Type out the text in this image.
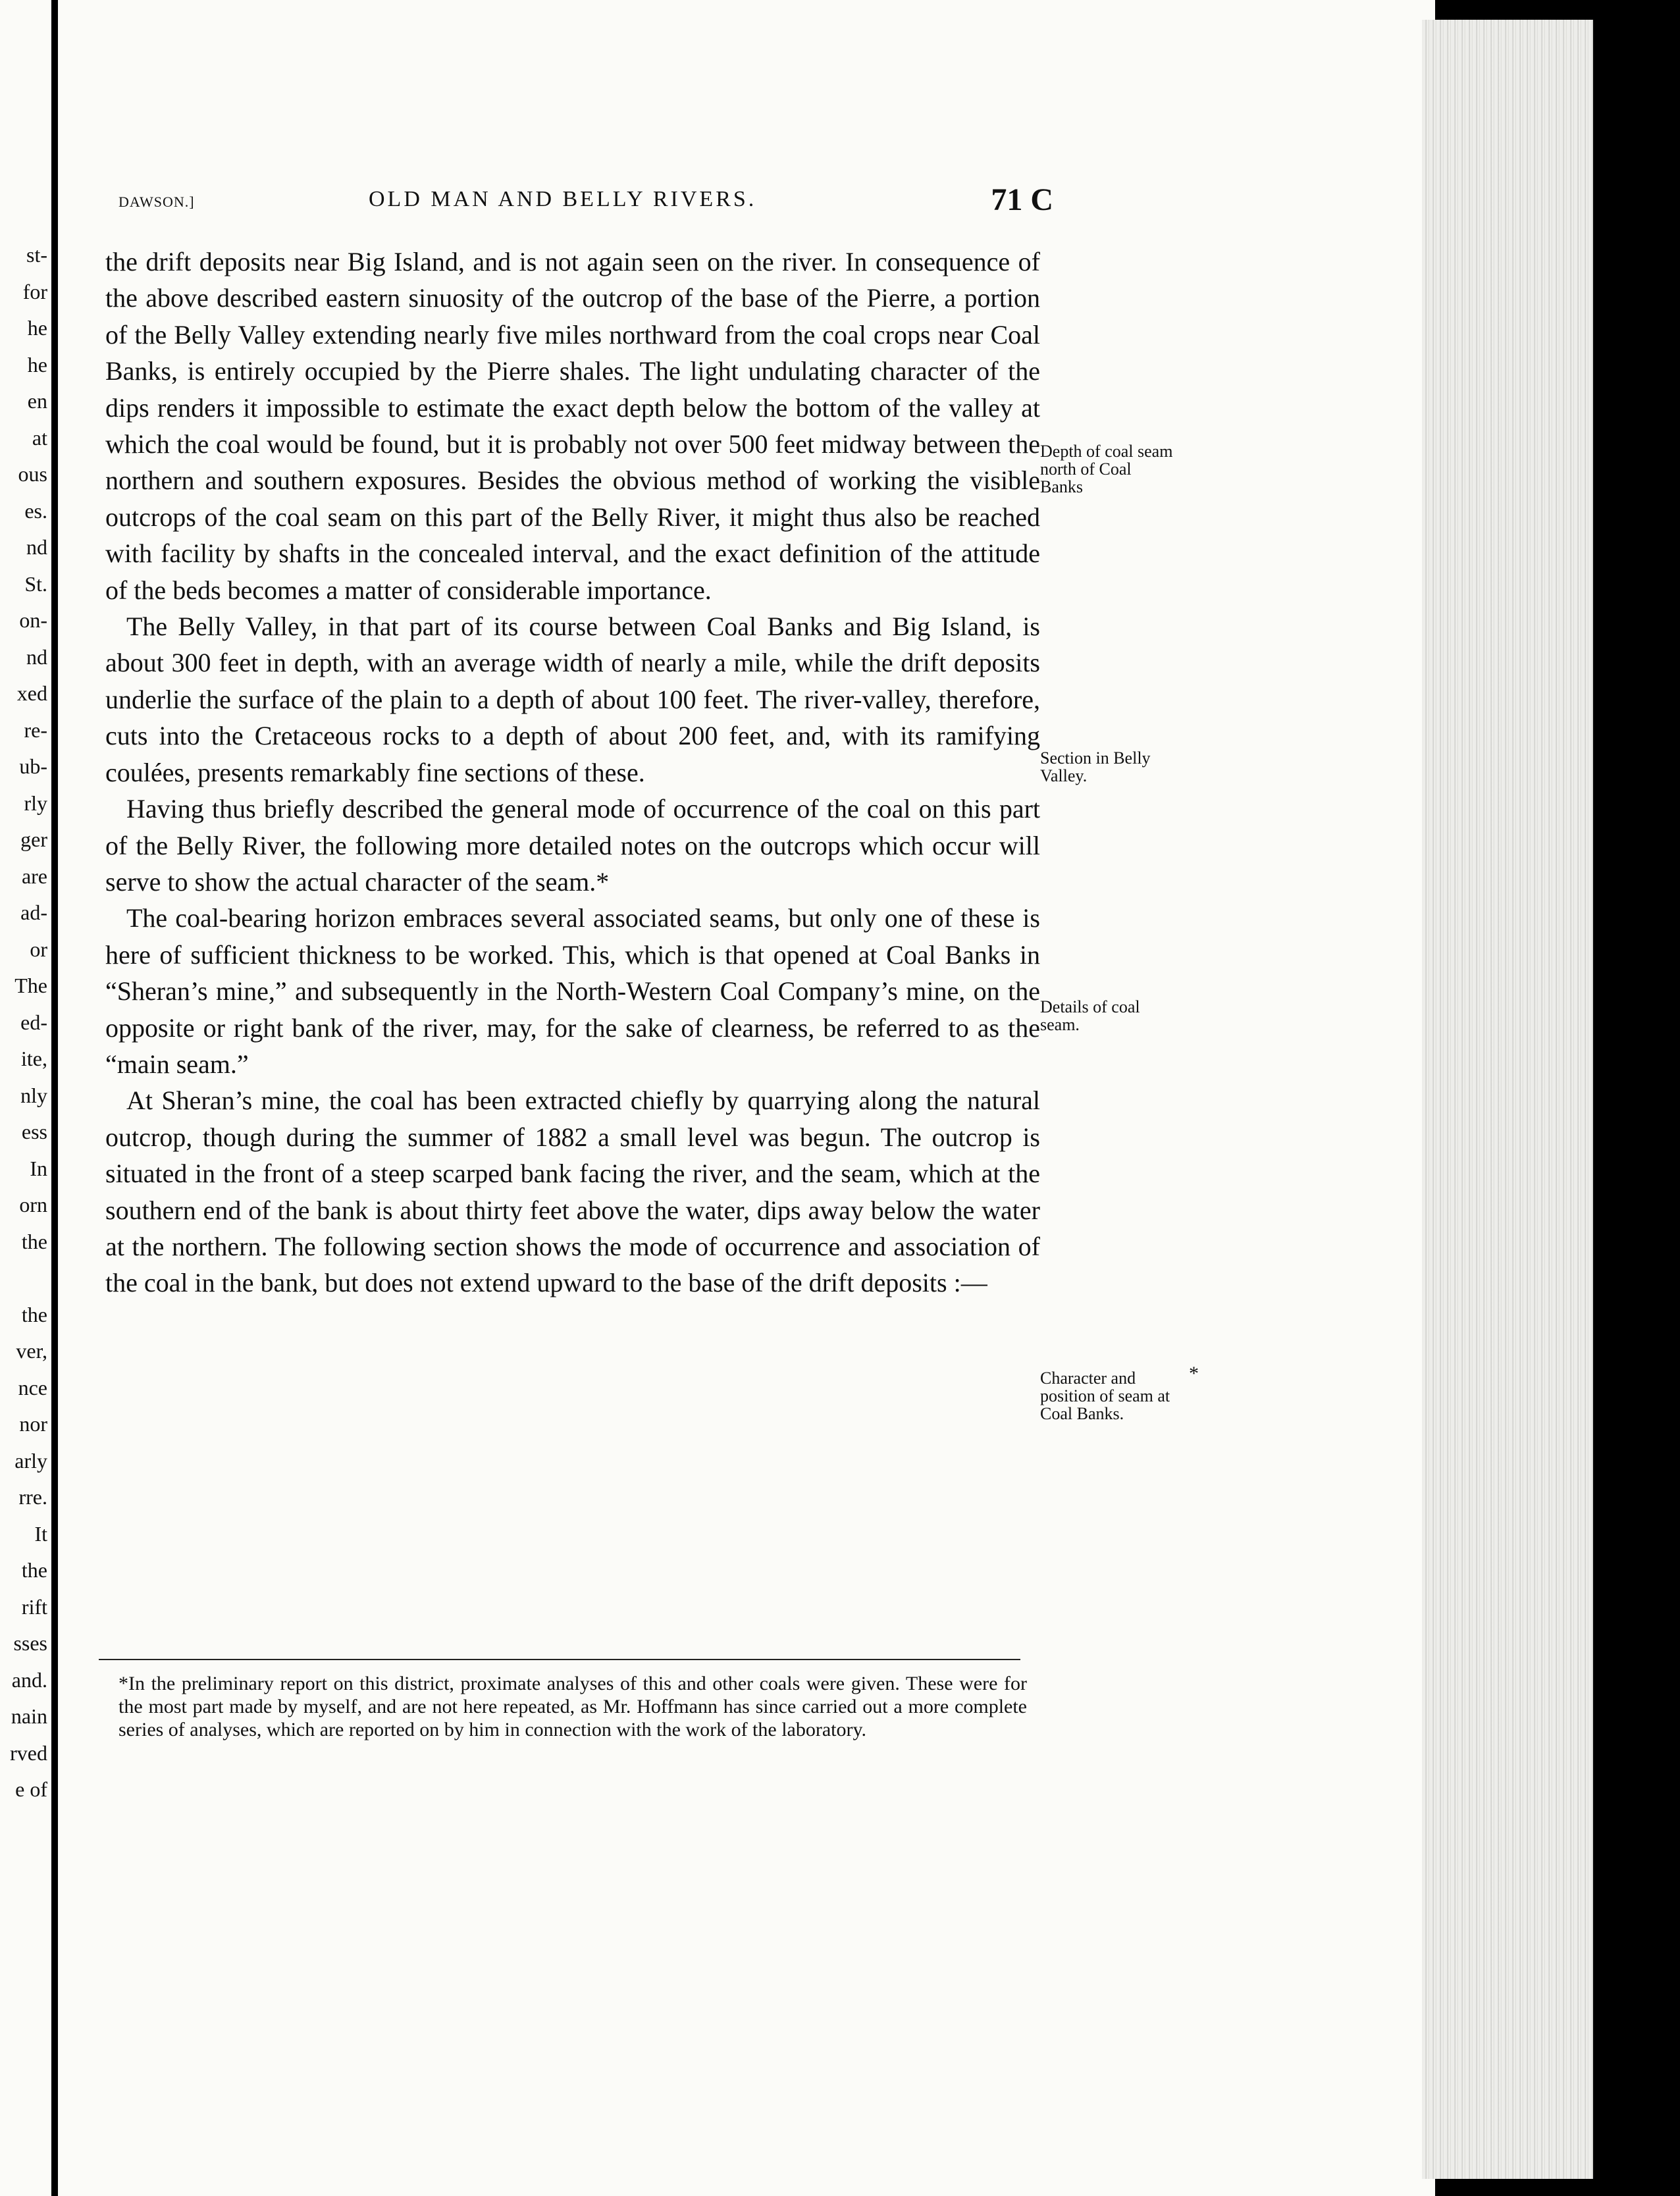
st-
for
he
he
en
at
ous
es.
nd
St.
on-
nd
xed
re-
ub-
rly
ger
are
ad-
or
The
ed-
ite,
nly
ess
In
orn
the
the
ver,
nce
nor
arly
rre.
It
the
rift
sses
and.
nain
rved
e of
DAWSON.]	OLD MAN AND BELLY RIVERS.	71 C

the drift deposits near Big Island, and is not again seen on the river. In consequence of the above described eastern sinuosity of the outcrop of the base of the Pierre, a portion of the Belly Valley extending nearly five miles northward from the coal crops near Coal Banks, is entirely occupied by the Pierre shales. The light undulating character of the dips renders it impossible to estimate the exact depth below the bottom of the valley at which the coal would be found, but it is probably not over 500 feet midway between the northern and southern exposures. Besides the obvious method of working the visible outcrops of the coal seam on this part of the Belly River, it might thus also be reached with facility by shafts in the concealed interval, and the exact definition of the attitude of the beds becomes a matter of considerable importance.

The Belly Valley, in that part of its course between Coal Banks and Big Island, is about 300 feet in depth, with an average width of nearly a mile, while the drift deposits underlie the surface of the plain to a depth of about 100 feet. The river-valley, therefore, cuts into the Cretaceous rocks to a depth of about 200 feet, and, with its ramifying coulées, presents remarkably fine sections of these.

Having thus briefly described the general mode of occurrence of the coal on this part of the Belly River, the following more detailed notes on the outcrops which occur will serve to show the actual character of the seam.*

The coal-bearing horizon embraces several associated seams, but only one of these is here of sufficient thickness to be worked. This, which is that opened at Coal Banks in “Sheran’s mine,” and subsequently in the North-Western Coal Company’s mine, on the opposite or right bank of the river, may, for the sake of clearness, be referred to as the “main seam.”

At Sheran’s mine, the coal has been extracted chiefly by quarrying along the natural outcrop, though during the summer of 1882 a small level was begun. The outcrop is situated in the front of a steep scarped bank facing the river, and the seam, which at the southern end of the bank is about thirty feet above the water, dips away below the water at the northern. The following section shows the mode of occurrence and association of the coal in the bank, but does not extend upward to the base of the drift deposits :—

Depth of coal seam north of Coal Banks
Section in Belly Valley.
Details of coal seam.
Character and position of seam at Coal Banks.
*
*In the preliminary report on this district, proximate analyses of this and other coals were given. These were for the most part made by myself, and are not here repeated, as Mr. Hoffmann has since carried out a more complete series of analyses, which are reported on by him in connection with the work of the laboratory.
